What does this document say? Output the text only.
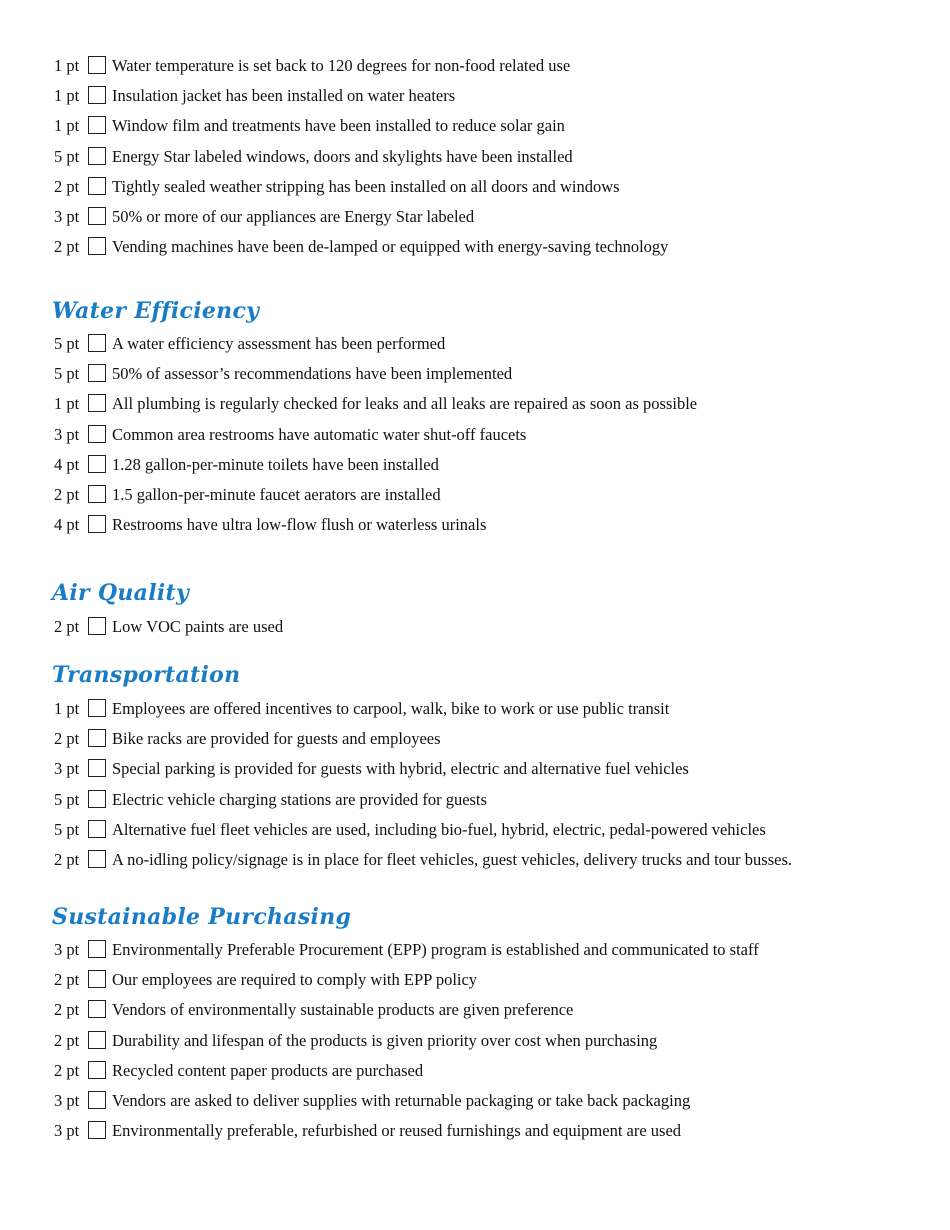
1 pt Water temperature is set back to 120 degrees for non-food related use
1 pt Insulation jacket has been installed on water heaters
1 pt Window film and treatments have been installed to reduce solar gain
5 pt Energy Star labeled windows, doors and skylights have been installed
2 pt Tightly sealed weather stripping has been installed on all doors and windows
3 pt 50% or more of our appliances are Energy Star labeled
2 pt Vending machines have been de-lamped or equipped with energy-saving technology
Water Efficiency
5 pt A water efficiency assessment has been performed
5 pt 50% of assessor’s recommendations have been implemented
1 pt All plumbing is regularly checked for leaks and all leaks are repaired as soon as possible
3 pt Common area restrooms have automatic water shut-off faucets
4 pt 1.28 gallon-per-minute toilets have been installed
2 pt 1.5 gallon-per-minute faucet aerators are installed
4 pt Restrooms have ultra low-flow flush or waterless urinals
Air Quality
2 pt Low VOC paints are used
Transportation
1 pt Employees are offered incentives to carpool, walk, bike to work or use public transit
2 pt Bike racks are provided for guests and employees
3 pt Special parking is provided for guests with hybrid, electric and alternative fuel vehicles
5 pt Electric vehicle charging stations are provided for guests
5 pt Alternative fuel fleet vehicles are used, including bio-fuel, hybrid, electric, pedal-powered vehicles
2 pt A no-idling policy/signage is in place for fleet vehicles, guest vehicles, delivery trucks and tour busses.
Sustainable Purchasing
3 pt Environmentally Preferable Procurement (EPP) program is established and communicated to staff
2 pt Our employees are required to comply with EPP policy
2 pt Vendors of environmentally sustainable products are given preference
2 pt Durability and lifespan of the products is given priority over cost when purchasing
2 pt Recycled content paper products are purchased
3 pt Vendors are asked to deliver supplies with returnable packaging or take back packaging
3 pt Environmentally preferable, refurbished or reused furnishings and equipment are used
